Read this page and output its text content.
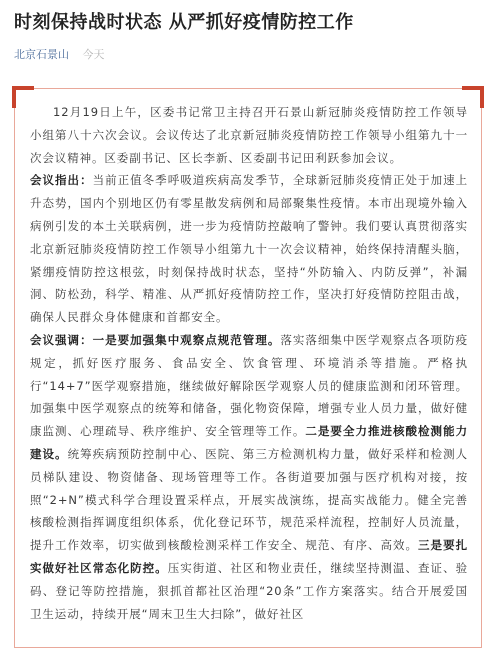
时刻保持战时状态 从严抓好疫情防控工作
北京石景山 今天

12月19日上午，区委书记常卫主持召开石景山新冠肺炎疫情防控工作领导小组第八十六次会议。会议传达了北京新冠肺炎疫情防控工作领导小组第九十一次会议精神。区委副书记、区长李新、区委副书记田利跃参加会议。

会议指出：当前正值冬季呼吸道疾病高发季节，全球新冠肺炎疫情正处于加速上升态势，国内个别地区仍有零星散发病例和局部聚集性疫情。本市出现境外输入病例引发的本土关联病例，进一步为疫情防控敲响了警钟。我们要认真贯彻落实北京新冠肺炎疫情防控工作领导小组第九十一次会议精神，始终保持清醒头脑，紧绷疫情防控这根弦，时刻保持战时状态，坚持“外防输入、内防反弹”，补漏洞、防松劲，科学、精准、从严抓好疫情防控工作，坚决打好疫情防控阻击战，确保人民群众身体健康和首都安全。

会议强调：一是要加强集中观察点规范管理。落实落细集中医学观察点各项防疫规定，抓好医疗服务、食品安全、饮食管理、环境消杀等措施。严格执行“14+7”医学观察措施，继续做好解除医学观察人员的健康监测和闭环管理。加强集中医学观察点的统筹和储备，强化物资保障，增强专业人员力量，做好健康监测、心理疏导、秩序维护、安全管理等工作。二是要全力推进核酸检测能力建设。统筹疾病预防控制中心、医院、第三方检测机构力量，做好采样和检测人员梯队建设、物资储备、现场管理等工作。各街道要加强与医疗机构对接，按照“2+N”模式科学合理设置采样点，开展实战演练，提高实战能力。健全完善核酸检测指挥调度组织体系，优化登记环节，规范采样流程，控制好人员流量，提升工作效率，切实做到核酸检测采样工作安全、规范、有序、高效。三是要扎实做好社区常态化防控。压实街道、社区和物业责任，继续坚持测温、查证、验码、登记等防控措施，狠抓首都社区治理“20条”工作方案落实。结合开展爱国卫生运动，持续开展“周末卫生大扫除”，做好社区
